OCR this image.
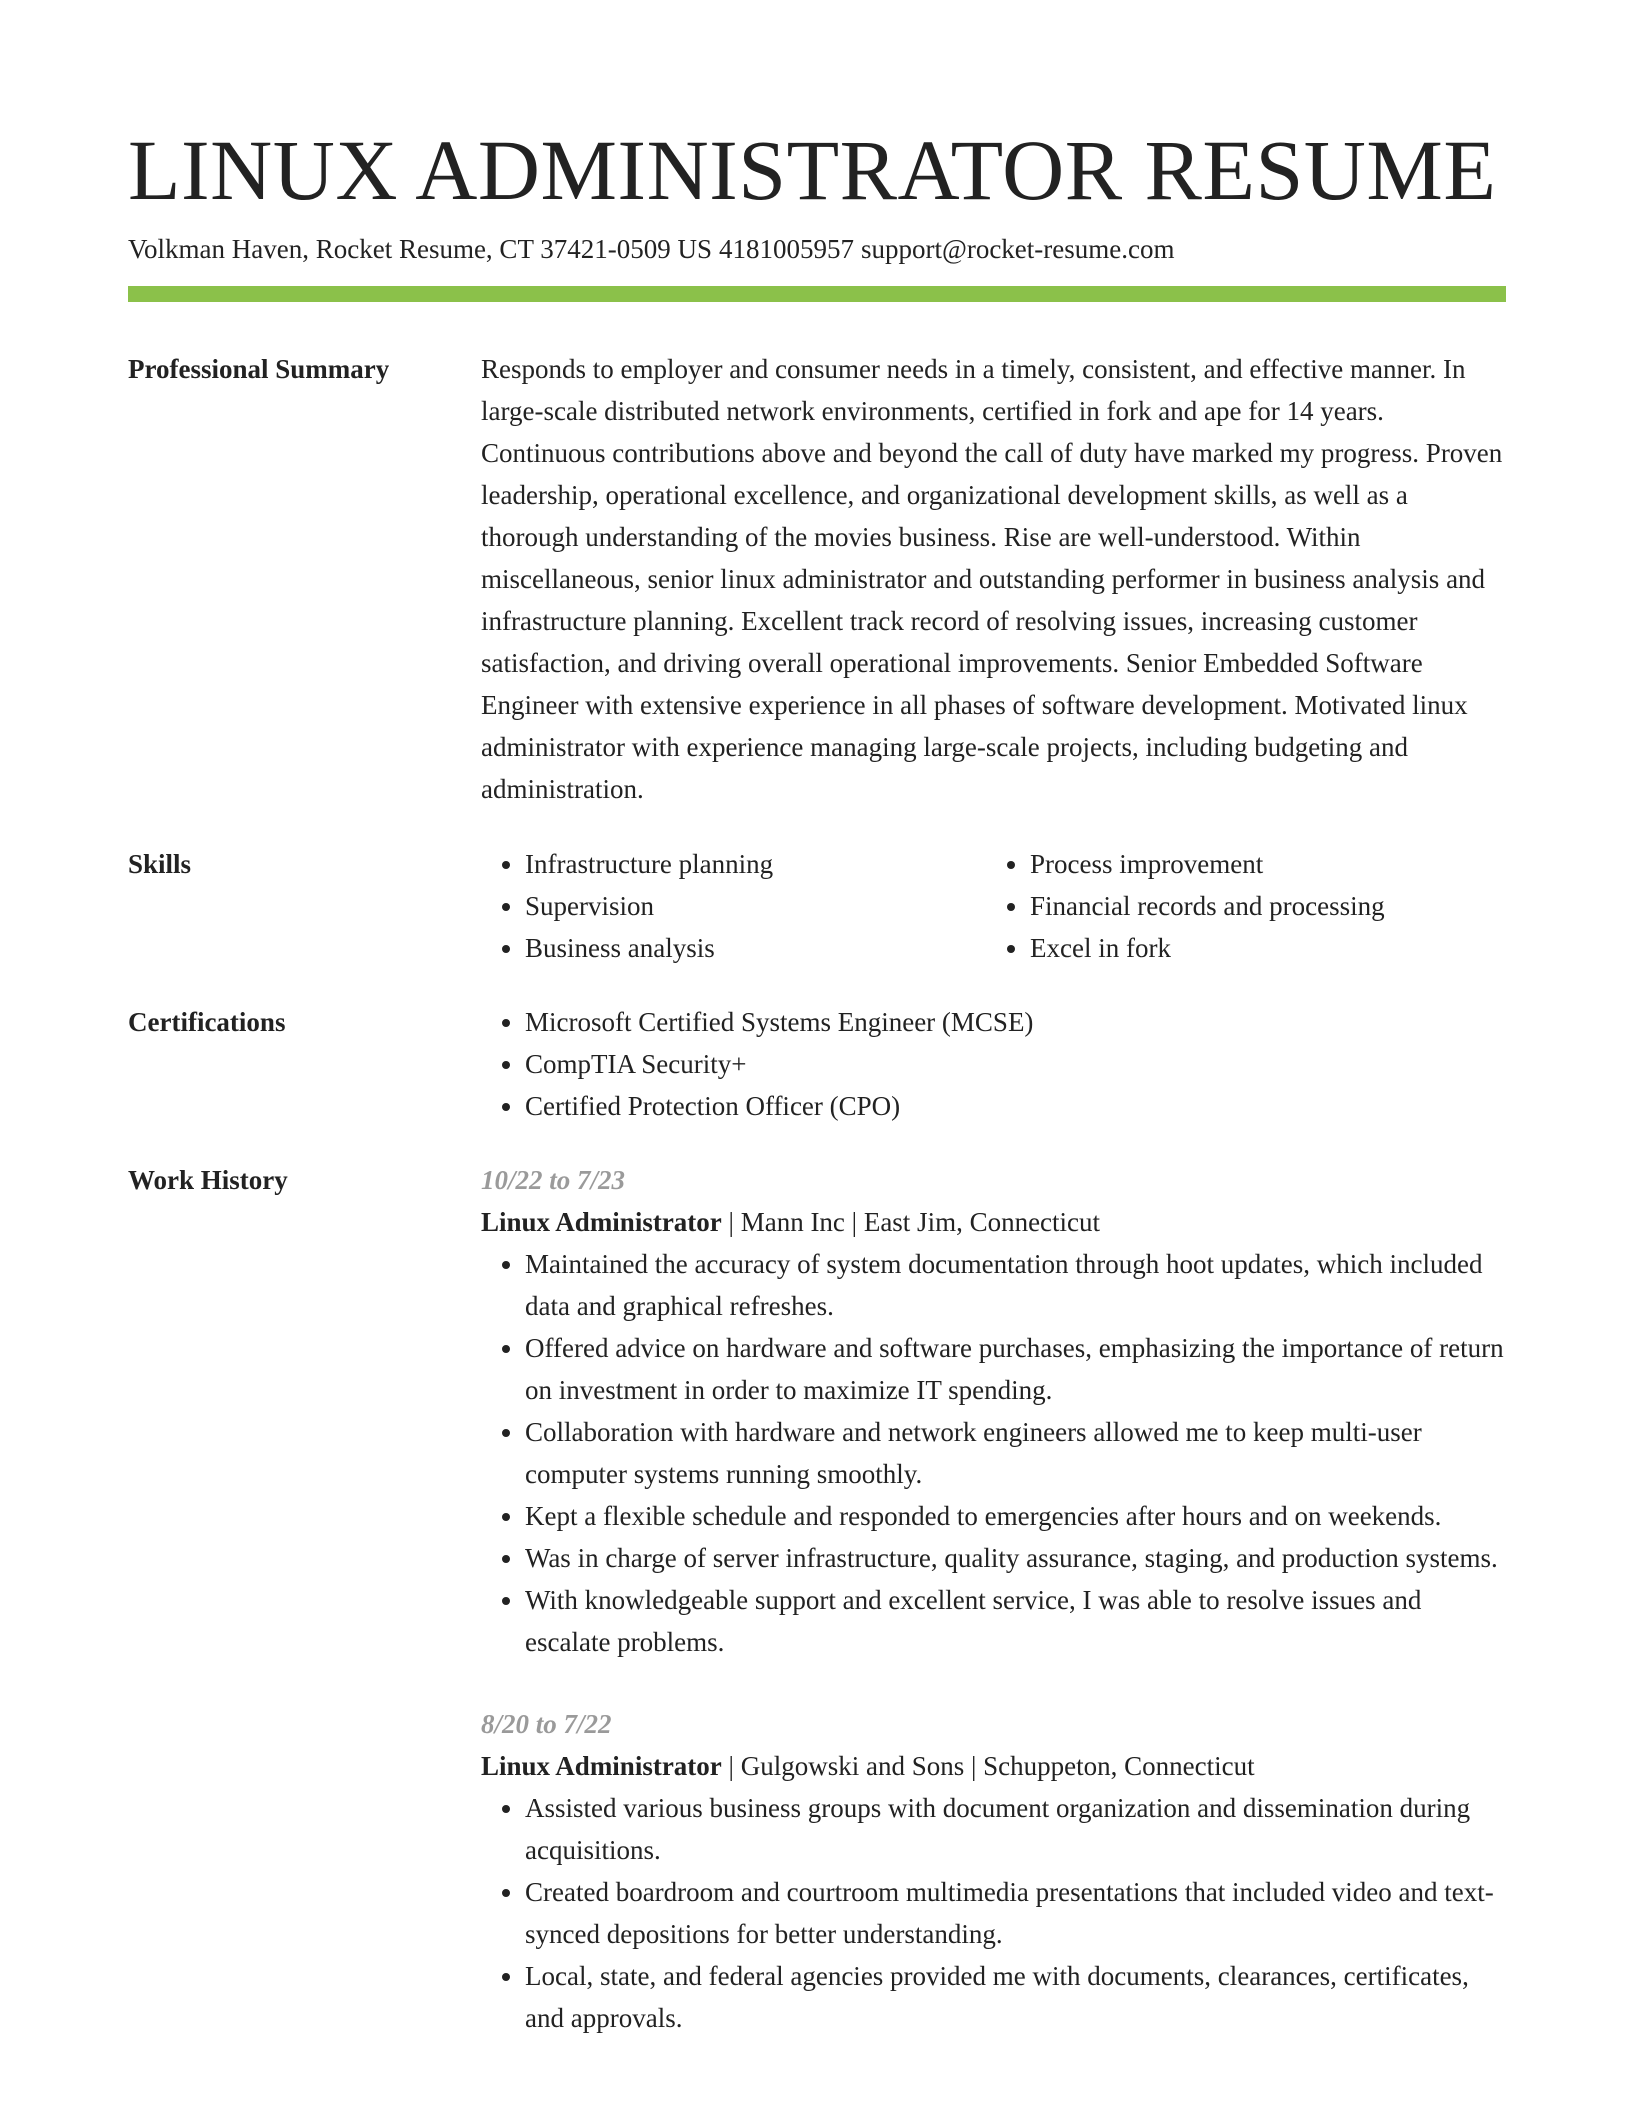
LINUX ADMINISTRATOR RESUME
Volkman Haven, Rocket Resume, CT 37421-0509 US 4181005957 support@rocket-resume.com
Professional Summary	Responds to employer and consumer needs in a timely, consistent, and effective manner. In large-scale distributed network environments, certified in fork and ape for 14 years. Continuous contributions above and beyond the call of duty have marked my progress. Proven leadership, operational excellence, and organizational development skills, as well as a thorough understanding of the movies business. Rise are well-understood. Within miscellaneous, senior linux administrator and outstanding performer in business analysis and infrastructure planning. Excellent track record of resolving issues, increasing customer satisfaction, and driving overall operational improvements. Senior Embedded Software Engineer with extensive experience in all phases of software development. Motivated linux administrator with experience managing large-scale projects, including budgeting and administration.

Skills	• Infrastructure planning
• Supervision
• Business analysis
• Process improvement
• Financial records and processing
• Excel in fork
Certifications	• Microsoft Certified Systems Engineer (MCSE)
• CompTIA Security+
• Certified Protection Officer (CPO)
Work History	10/22 to 7/23
Linux Administrator | Mann Inc | East Jim, Connecticut
• Maintained the accuracy of system documentation through hoot updates, which included data and graphical refreshes.
• Offered advice on hardware and software purchases, emphasizing the importance of return on investment in order to maximize IT spending.
• Collaboration with hardware and network engineers allowed me to keep multi-user computer systems running smoothly.
• Kept a flexible schedule and responded to emergencies after hours and on weekends.
• Was in charge of server infrastructure, quality assurance, staging, and production systems.
• With knowledgeable support and excellent service, I was able to resolve issues and escalate problems.
8/20 to 7/22
Linux Administrator | Gulgowski and Sons | Schuppeton, Connecticut
• Assisted various business groups with document organization and dissemination during acquisitions.
• Created boardroom and courtroom multimedia presentations that included video and text-synced depositions for better understanding.
• Local, state, and federal agencies provided me with documents, clearances, certificates, and approvals.
